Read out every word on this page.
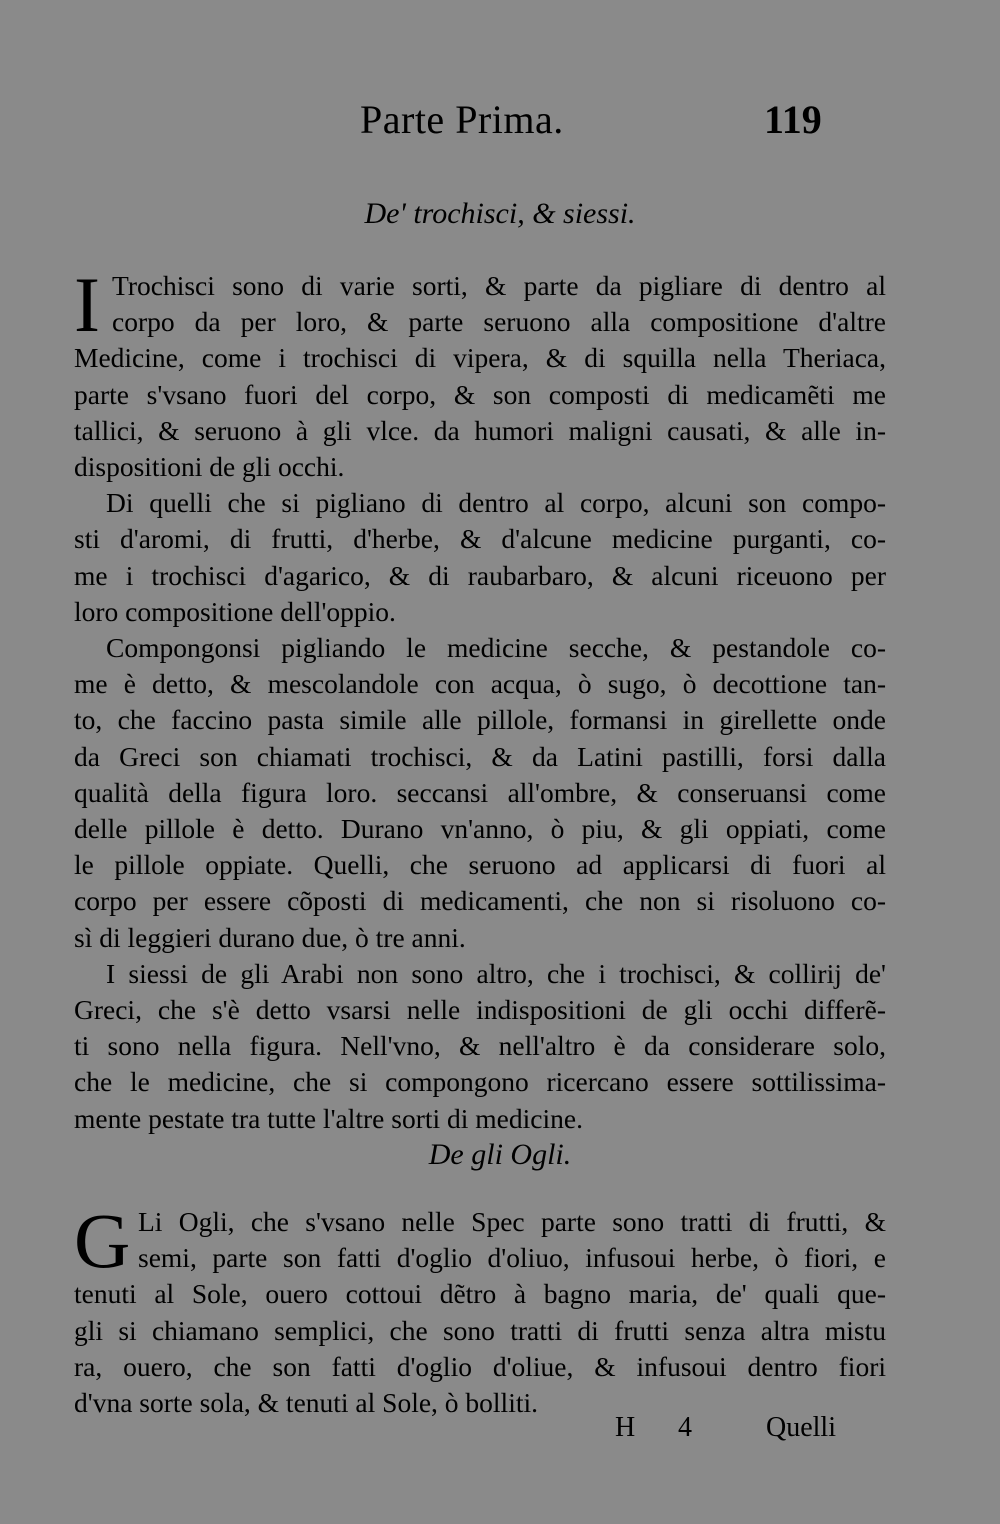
Parte Prima.	119
De' trochisci, & siessi.
I Trochisci sono di varie sorti, & parte da pigliare di dentro al
corpo da per loro, & parte seruono alla compositione d'altre
Medicine, come i trochisci di vipera, & di squilla nella Theriaca,
parte s'vsano fuori del corpo, & son composti di medicamẽti me
tallici, & seruono à gli vlce. da humori maligni causati, & alle in-
dispositioni de gli occhi.
Di quelli che si pigliano di dentro al corpo, alcuni son compo-
sti d'aromi, di frutti, d'herbe, & d'alcune medicine purganti, co-
me i trochisci d'agarico, & di raubarbaro, & alcuni riceuono per
loro compositione dell'oppio.
Compongonsi pigliando le medicine secche, & pestandole co-
me è detto, & mescolandole con acqua, ò sugo, ò decottione tan-
to, che faccino pasta simile alle pillole, formansi in girellette onde
da Greci son chiamati trochisci, & da Latini pastilli, forsi dalla
qualità della figura loro. seccansi all'ombre, & conseruansi come
delle pillole è detto. Durano vn'anno, ò piu, & gli oppiati, come
le pillole oppiate. Quelli, che seruono ad applicarsi di fuori al
corpo per essere cõposti di medicamenti, che non si risoluono co-
sì di leggieri durano due, ò tre anni.
I siessi de gli Arabi non sono altro, che i trochisci, & collirij de'
Greci, che s'è detto vsarsi nelle indispositioni de gli occhi differẽ-
ti sono nella figura. Nell'vno, & nell'altro è da considerare solo,
che le medicine, che si compongono ricercano essere sottilissima-
mente pestate tra tutte l'altre sorti di medicine.
De gli Ogli.
G Li Ogli, che s'vsano nelle Spec parte sono tratti di frutti, &
semi, parte son fatti d'oglio d'oliuo, infusoui herbe, ò fiori, e
tenuti al Sole, ouero cottoui dẽtro à bagno maria, de' quali que-
gli si chiamano semplici, che sono tratti di frutti senza altra mistu
ra, ouero, che son fatti d'oglio d'oliue, & infusoui dentro fiori
d'vna sorte sola, & tenuti al Sole, ò bolliti.
H 4	Quelli
